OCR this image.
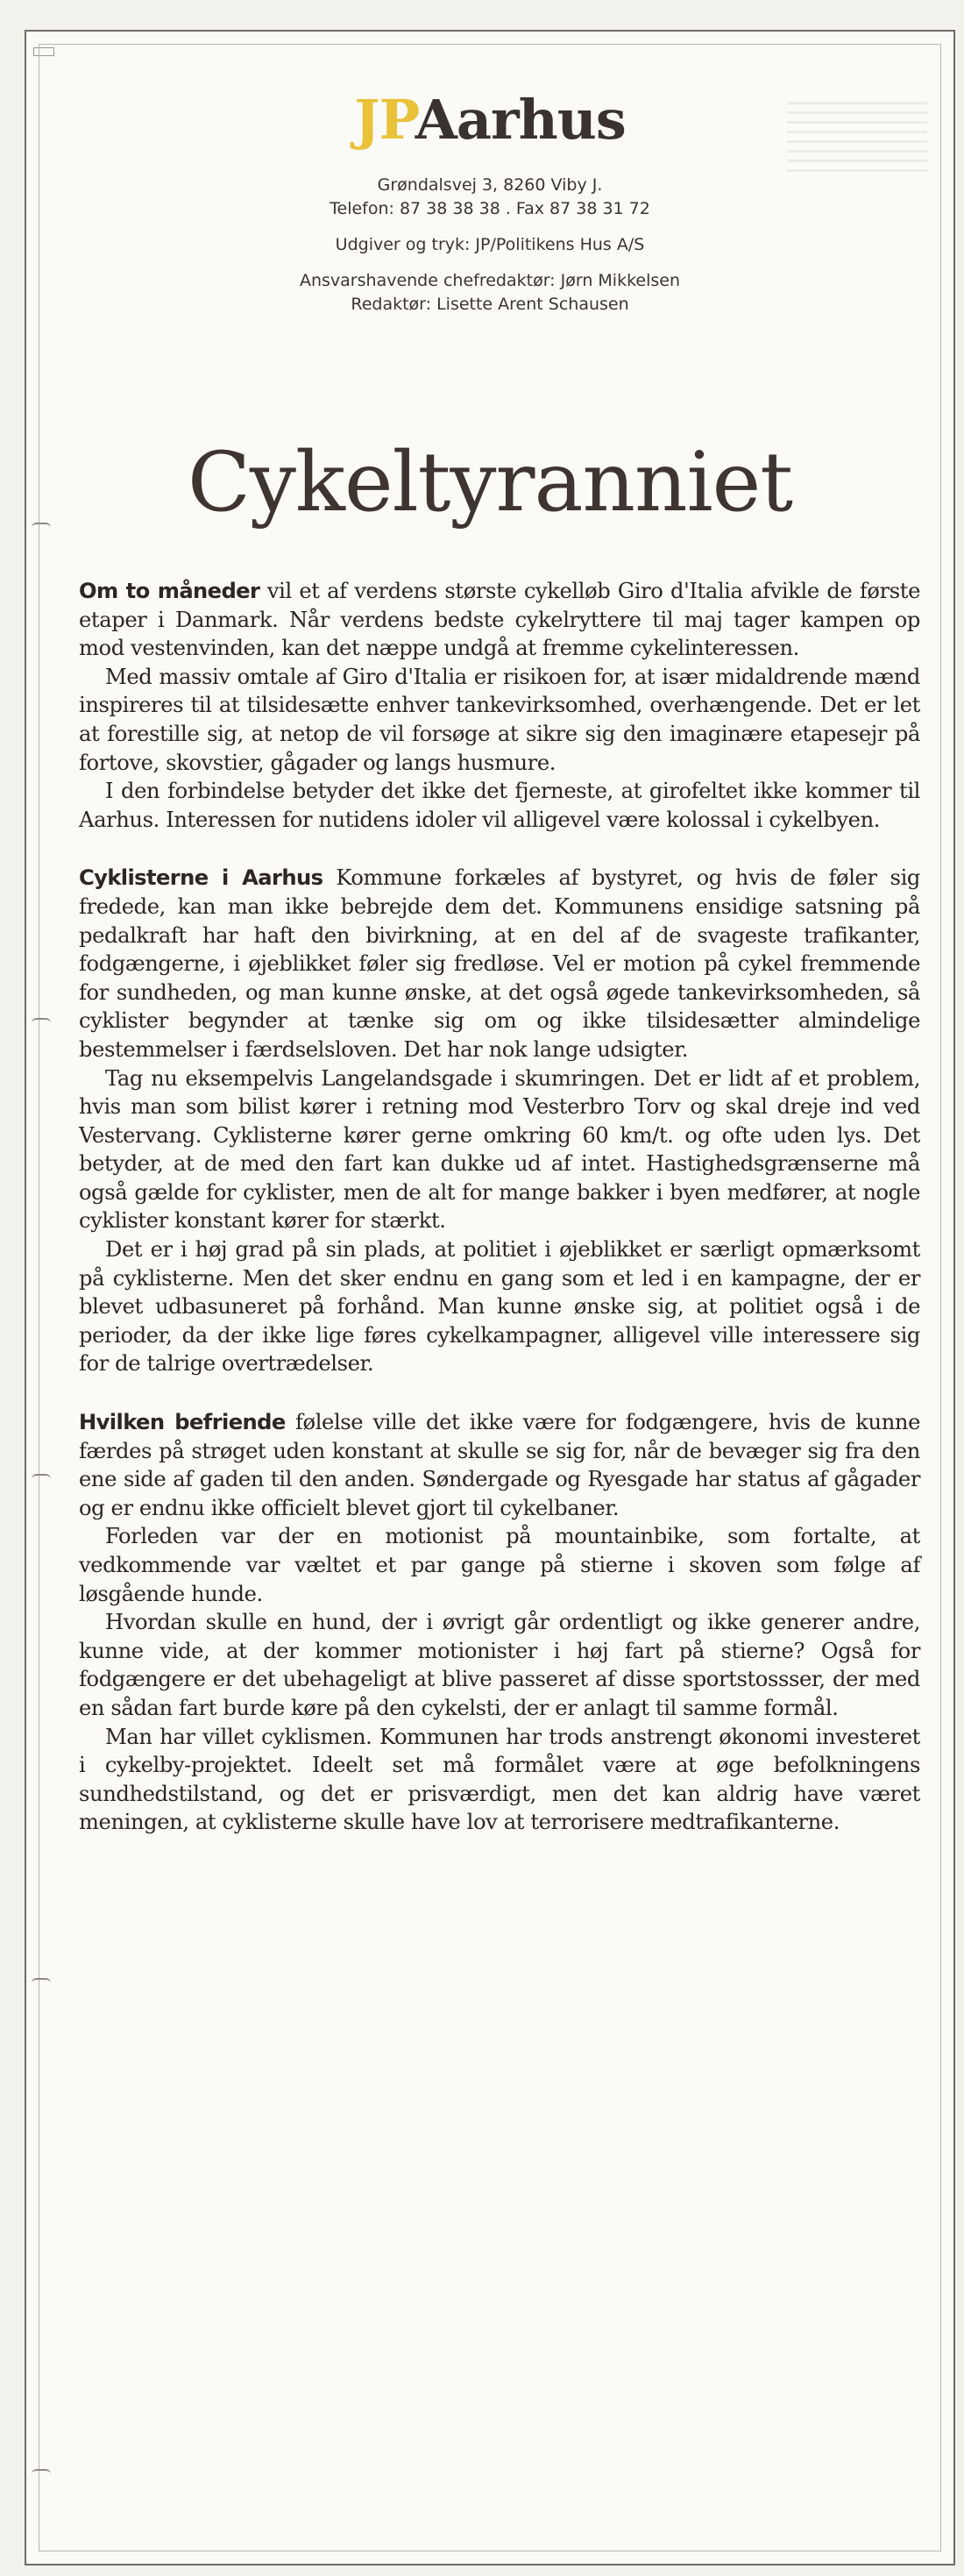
JPAarhus
Grøndalsvej 3, 8260 Viby J.
Telefon: 87 38 38 38 . Fax 87 38 31 72
Udgiver og tryk: JP/Politikens Hus A/S
Ansvarshavende chefredaktør: Jørn Mikkelsen
Redaktør: Lisette Arent Schausen
Cykeltyranniet

Om to måneder vil et af verdens største cykelløb Giro d'Italia afvikle de første etaper i Danmark. Når verdens bedste cykelryttere til maj tager kampen op mod vestenvinden, kan det næppe undgå at fremme cykelinteressen.

Med massiv omtale af Giro d'Italia er risikoen for, at især midaldrende mænd inspireres til at tilsidesætte enhver tankevirksomhed, overhængende. Det er let at forestille sig, at netop de vil forsøge at sikre sig den imaginære etapesejr på fortove, skovstier, gågader og langs husmure.

I den forbindelse betyder det ikke det fjerneste, at girofeltet ikke kommer til Aarhus. Interessen for nutidens idoler vil alligevel være kolossal i cykelbyen.

Cyklisterne i Aarhus Kommune forkæles af bystyret, og hvis de føler sig fredede, kan man ikke bebrejde dem det. Kommunens ensidige satsning på pedalkraft har haft den bivirkning, at en del af de svageste trafikanter, fodgængerne, i øjeblikket føler sig fredløse. Vel er motion på cykel fremmende for sundheden, og man kunne ønske, at det også øgede tankevirksomheden, så cyklister begynder at tænke sig om og ikke tilsidesætter almindelige bestemmelser i færdselsloven. Det har nok lange udsigter.

Tag nu eksempelvis Langelandsgade i skumringen. Det er lidt af et problem, hvis man som bilist kører i retning mod Vesterbro Torv og skal dreje ind ved Vestervang. Cyklisterne kører gerne omkring 60 km/t. og ofte uden lys. Det betyder, at de med den fart kan dukke ud af intet. Hastighedsgrænserne må også gælde for cyklister, men de alt for mange bakker i byen medfører, at nogle cyklister konstant kører for stærkt.

Det er i høj grad på sin plads, at politiet i øjeblikket er særligt opmærksomt på cyklisterne. Men det sker endnu en gang som et led i en kampagne, der er blevet udbasuneret på forhånd. Man kunne ønske sig, at politiet også i de perioder, da der ikke lige føres cykelkampagner, alligevel ville interessere sig for de talrige overtrædelser.

Hvilken befriende følelse ville det ikke være for fodgængere, hvis de kunne færdes på strøget uden konstant at skulle se sig for, når de bevæger sig fra den ene side af gaden til den anden. Søndergade og Ryesgade har status af gågader og er endnu ikke officielt blevet gjort til cykelbaner.

Forleden var der en motionist på mountainbike, som fortalte, at vedkommende var væltet et par gange på stierne i skoven som følge af løsgående hunde.

Hvordan skulle en hund, der i øvrigt går ordentligt og ikke generer andre, kunne vide, at der kommer motionister i høj fart på stierne? Også for fodgængere er det ubehageligt at blive passeret af disse sportstossser, der med en sådan fart burde køre på den cykelsti, der er anlagt til samme formål.

Man har villet cyklismen. Kommunen har trods anstrengt økonomi investeret i cykelby-projektet. Ideelt set må formålet være at øge befolkningens sundhedstilstand, og det er prisværdigt, men det kan aldrig have været meningen, at cyklisterne skulle have lov at terrorisere medtrafikanterne.
